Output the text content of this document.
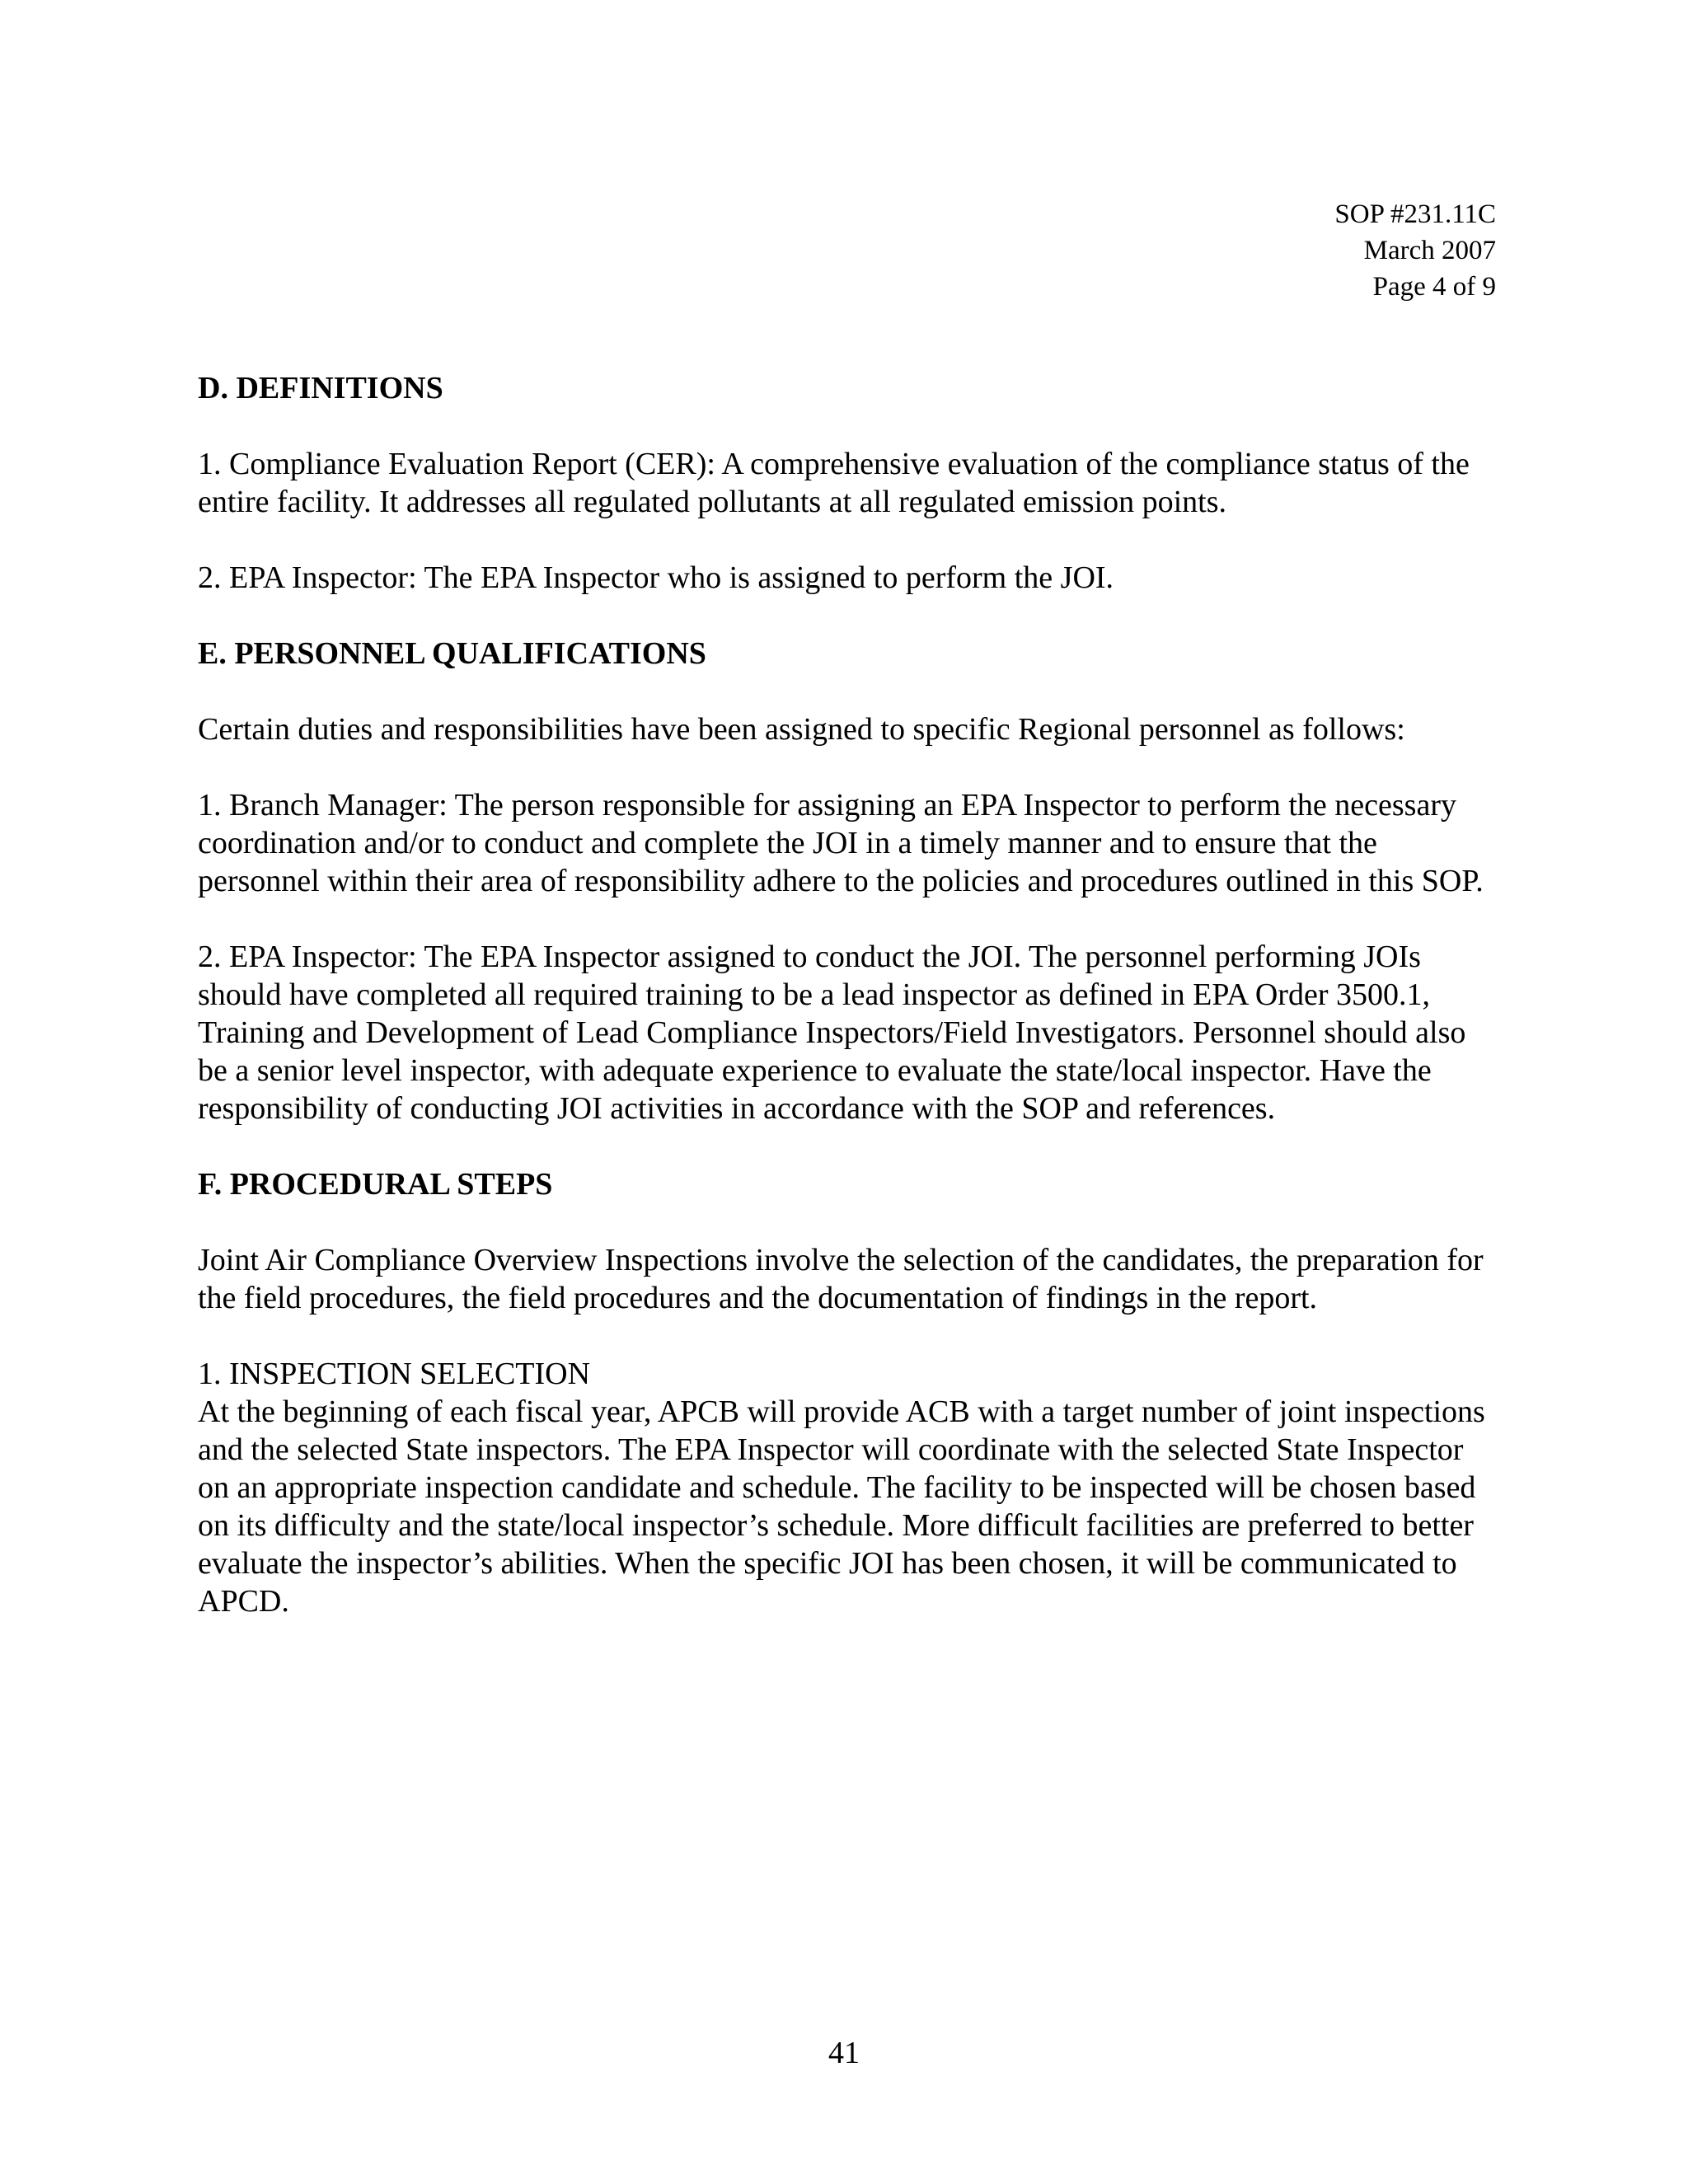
SOP #231.11C
March 2007
Page 4 of 9

D. DEFINITIONS

1. Compliance Evaluation Report (CER): A comprehensive evaluation of the compliance status of the entire facility. It addresses all regulated pollutants at all regulated emission points.

2. EPA Inspector: The EPA Inspector who is assigned to perform the JOI.

E. PERSONNEL QUALIFICATIONS

Certain duties and responsibilities have been assigned to specific Regional personnel as follows:

1. Branch Manager: The person responsible for assigning an EPA Inspector to perform the necessary coordination and/or to conduct and complete the JOI in a timely manner and to ensure that the personnel within their area of responsibility adhere to the policies and procedures outlined in this SOP.

2. EPA Inspector: The EPA Inspector assigned to conduct the JOI. The personnel performing JOIs should have completed all required training to be a lead inspector as defined in EPA Order 3500.1, Training and Development of Lead Compliance Inspectors/Field Investigators. Personnel should also be a senior level inspector, with adequate experience to evaluate the state/local inspector. Have the responsibility of conducting JOI activities in accordance with the SOP and references.

F. PROCEDURAL STEPS

Joint Air Compliance Overview Inspections involve the selection of the candidates, the preparation for the field procedures, the field procedures and the documentation of findings in the report.

1. INSPECTION SELECTION

At the beginning of each fiscal year, APCB will provide ACB with a target number of joint inspections and the selected State inspectors. The EPA Inspector will coordinate with the selected State Inspector on an appropriate inspection candidate and schedule. The facility to be inspected will be chosen based on its difficulty and the state/local inspector’s schedule. More difficult facilities are preferred to better evaluate the inspector’s abilities. When the specific JOI has been chosen, it will be communicated to APCD.

41
